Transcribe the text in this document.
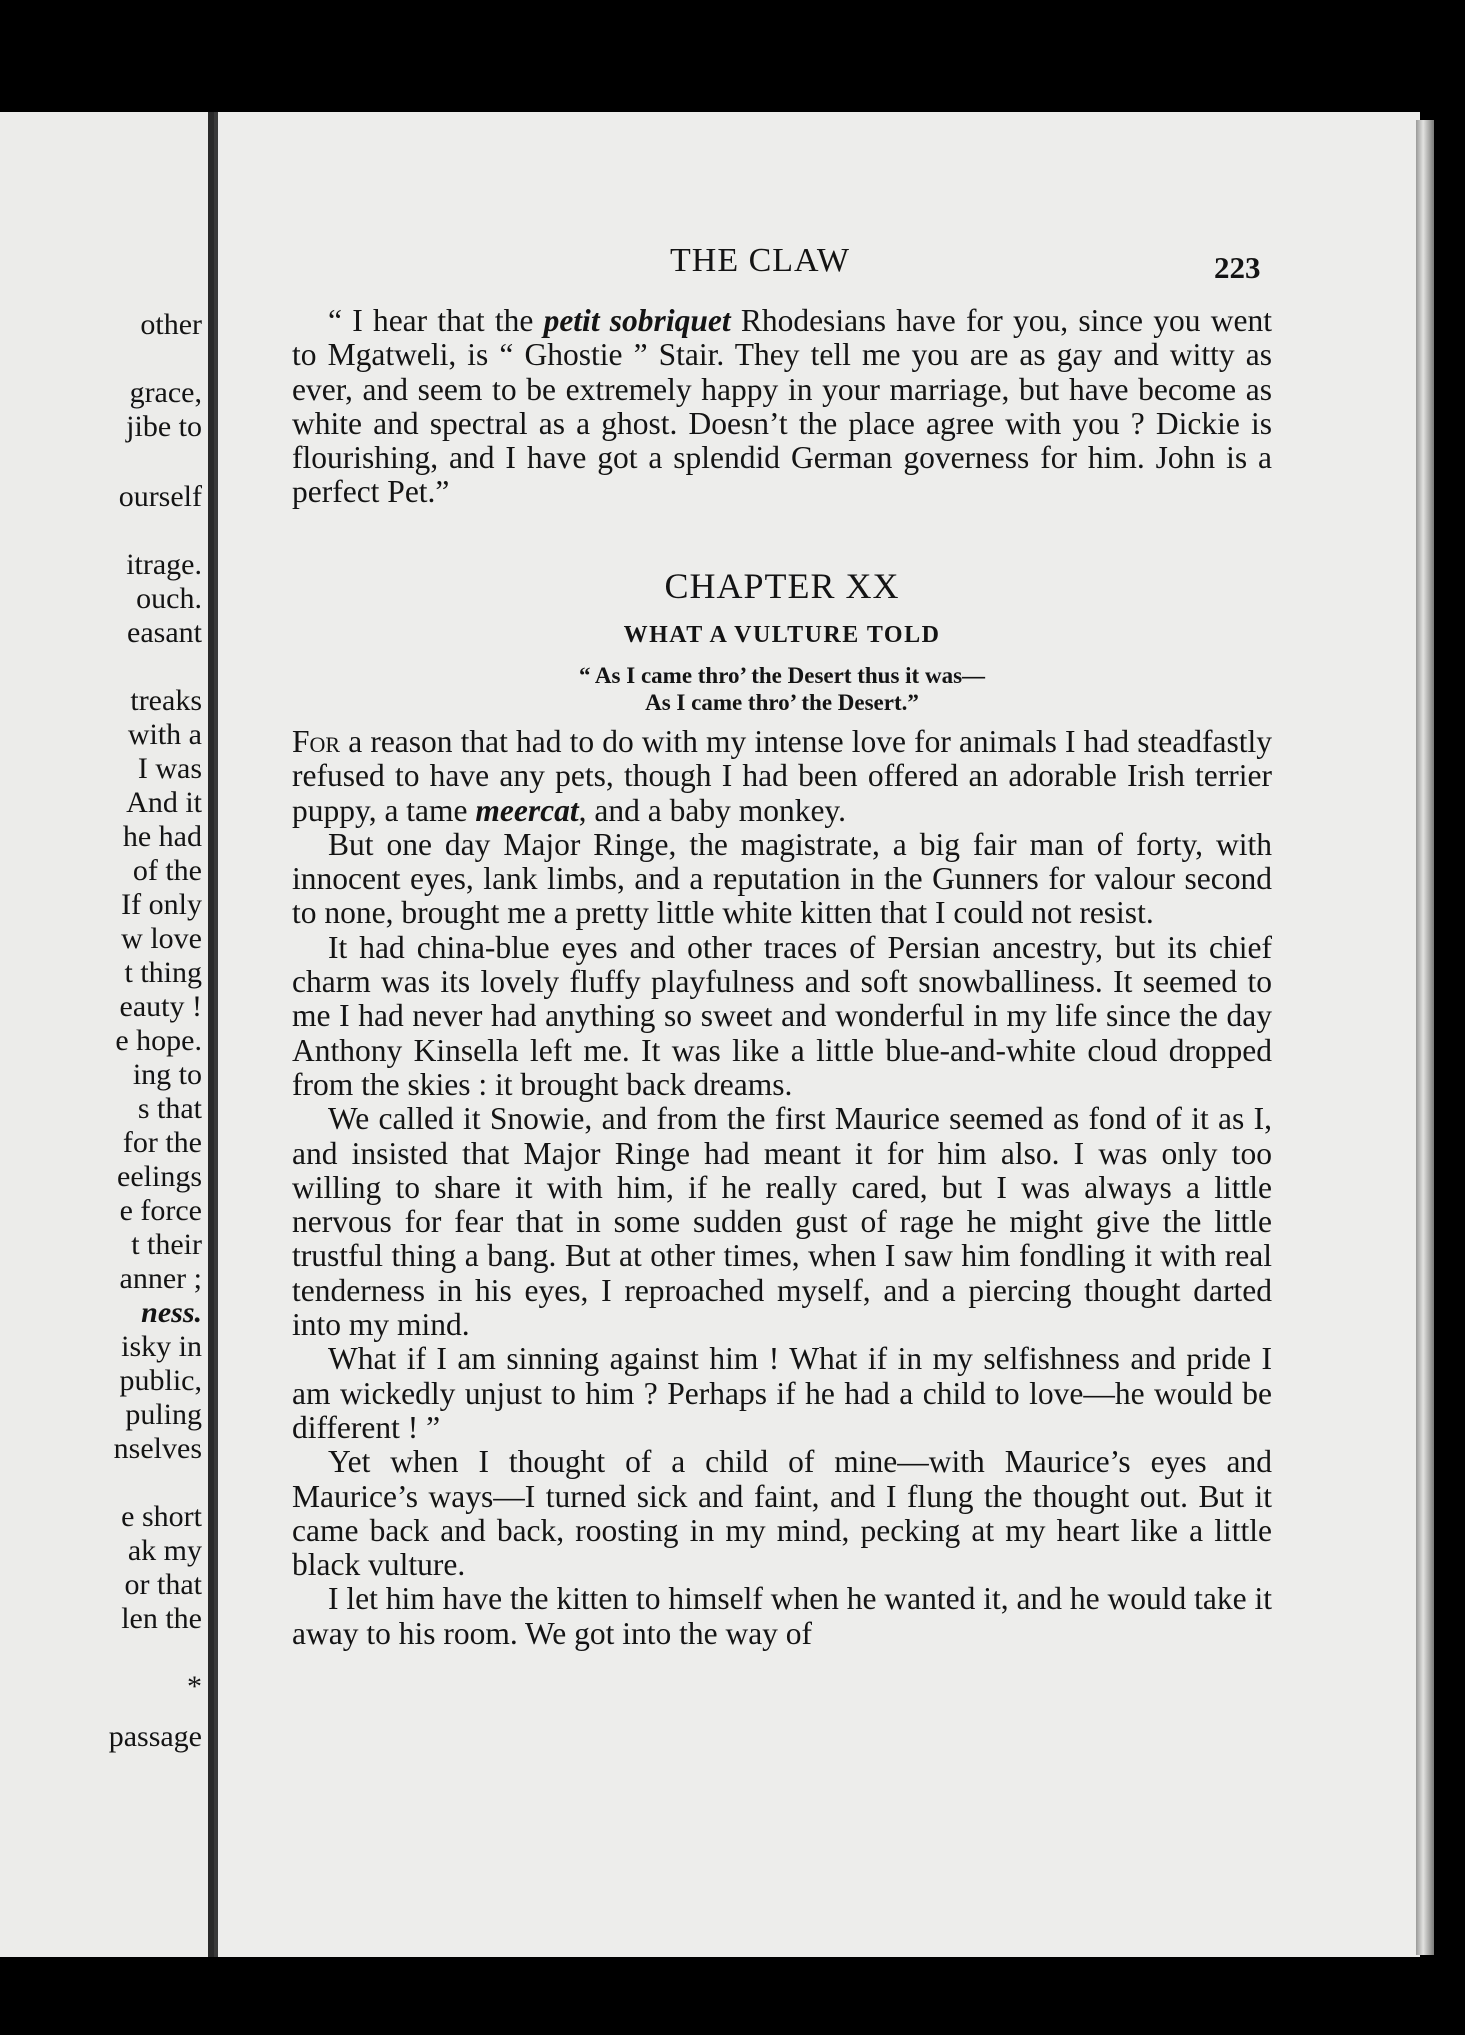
other
grace,
jibe to
ourself
itrage.
ouch.
easant
treaks
with a
I was
And it
he had
of the
If only
w love
t thing
eauty !
e hope.
ing to
s that
for the
eelings
e force
t their
anner ;
ness.
isky in
public,
puling
nselves
e short
ak my
or that
len the
*
passage
THE CLAW	223

“ I hear that the petit sobriquet Rhodesians have for you, since you went to Mgatweli, is “ Ghostie ” Stair. They tell me you are as gay and witty as ever, and seem to be extremely happy in your marriage, but have become as white and spectral as a ghost. Doesn’t the place agree with you ? Dickie is flourishing, and I have got a splendid German governess for him. John is a perfect Pet.”

CHAPTER XX
WHAT A VULTURE TOLD
“ As I came thro’ the Desert thus it was—
As I came thro’ the Desert.”

For a reason that had to do with my intense love for animals I had steadfastly refused to have any pets, though I had been offered an adorable Irish terrier puppy, a tame meercat, and a baby monkey.

But one day Major Ringe, the magistrate, a big fair man of forty, with innocent eyes, lank limbs, and a reputation in the Gunners for valour second to none, brought me a pretty little white kitten that I could not resist.

It had china-blue eyes and other traces of Persian ancestry, but its chief charm was its lovely fluffy playfulness and soft snowballiness. It seemed to me I had never had anything so sweet and wonderful in my life since the day Anthony Kinsella left me. It was like a little blue-and-white cloud dropped from the skies : it brought back dreams.

We called it Snowie, and from the first Maurice seemed as fond of it as I, and insisted that Major Ringe had meant it for him also. I was only too willing to share it with him, if he really cared, but I was always a little nervous for fear that in some sudden gust of rage he might give the little trustful thing a bang. But at other times, when I saw him fondling it with real tenderness in his eyes, I reproached myself, and a piercing thought darted into my mind.

What if I am sinning against him ! What if in my selfishness and pride I am wickedly unjust to him ? Perhaps if he had a child to love—he would be different ! ”

Yet when I thought of a child of mine—with Maurice’s eyes and Maurice’s ways—I turned sick and faint, and I flung the thought out. But it came back and back, roosting in my mind, pecking at my heart like a little black vulture.

I let him have the kitten to himself when he wanted it, and he would take it away to his room. We got into the way of
